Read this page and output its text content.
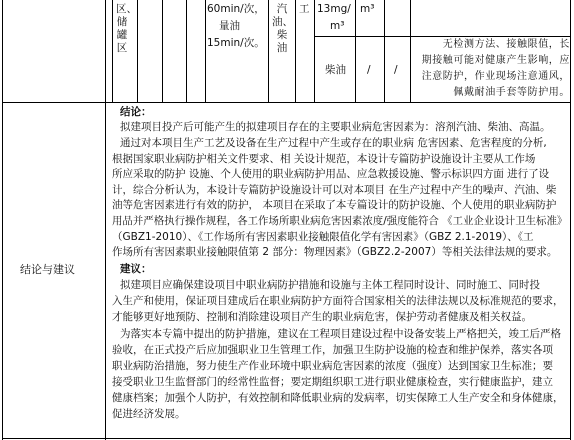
区、储罐区
60min/次，
量油
15min/次。
汽油、柴油
工 13mg/
m³
m³
柴油 / /
无检测方法、接触限值，长
期接触可能对健康产生影响，应
注意防护，作业现场注意通风，
佩戴耐油手套等防护用。
结论与建议
结论：
拟建项目投产后可能产生的拟建项目存在的主要职业病危害因素为：溶剂汽油、柴油、高温。
通过对本项目生产工艺及设备在生产过程中产生或存在的职业病 危害因素、危害程度的分析,
根据国家职业病防护相关文件要求、相 关设计规范，本设计专篇防护设施设计主要从工作场
所应采取的防护 设施、个人使用的职业病防护用品、应急救援设施、警示标识四方面 进行了设
计，综合分析认为，本设计专篇防护设施设计可以对本项目 在生产过程中产生的噪声、汽油、柴
油等危害因素进行有效的防护， 本项目在采取了本专篇设计的防护设施、个人使用的职业病防护
用品并严格执行操作规程，各工作场所职业病危害因素浓度/强度能符合 《工业企业设计卫生标准》
（GBZ1-2010）、《工作场所有害因素职业接触限值化学有害因素》（GBZ 2.1-2019）、《工
作场所有害因素职业接触限值第 2 部分：物理因素》（GBZ2.2-2007）等相关法律法规的要求。
建议：
拟建项目应确保建设项目中职业病防护措施和设施与主体工程同时设计、同时施工、同时投
入生产和使用，保证项目建成后在职业病防护方面符合国家相关的法律法规以及标准规范的要求，
才能够更好地预防、控制和消除建设项目产生的职业病危害，保护劳动者健康及相关权益。
为落实本专篇中提出的防护措施，建议在工程项目建设过程中设备安装上严格把关，竣工后严格
验收，在正式投产后应加强职业卫生管理工作，加强卫生防护设施的检查和维护保养，落实各项
职业病防治措施，努力使生产作业环境中职业病危害因素的浓度（强度）达到国家卫生标准；要
接受职业卫生监督部门的经常性监督；要定期组织职工进行职业健康检查，实行健康监护，建立
健康档案；加强个人防护，有效控制和降低职业病的发病率，切实保障工人生产安全和身体健康，
促进经济发展。
